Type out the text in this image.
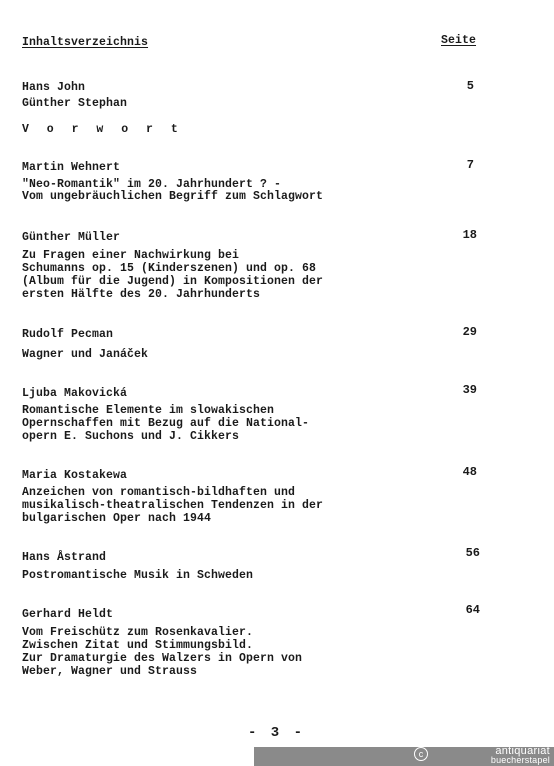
Inhaltsverzeichnis	Seite
Hans John
Günther Stephan
V o r w o r t
5
Martin Wehnert
"Neo-Romantik" im 20. Jahrhundert ? -
Vom ungebräuchlichen Begriff zum Schlagwort
7
Günther Müller
Zu Fragen einer Nachwirkung bei
Schumanns op. 15 (Kinderszenen) und op. 68
(Album für die Jugend) in Kompositionen der
ersten Hälfte des 20. Jahrhunderts
18
Rudolf Pecman
Wagner und Janáček
29
Ljuba Makovická
Romantische Elemente im slowakischen
Opernschaffen mit Bezug auf die National-
opern E. Suchons und J. Cikkers
39
Maria Kostakewa
Anzeichen von romantisch-bildhaften und
musikalisch-theatralischen Tendenzen in der
bulgarischen Oper nach 1944
48
Hans Åstrand
Postromantische Musik in Schweden
56
Gerhard Heldt
Vom Freischütz zum Rosenkavalier.
Zwischen Zitat und Stimmungsbild.
Zur Dramaturgie des Walzers in Opern von
Weber, Wagner und Strauss
64
- 3 -
c	antiquariat
buecherstapel
